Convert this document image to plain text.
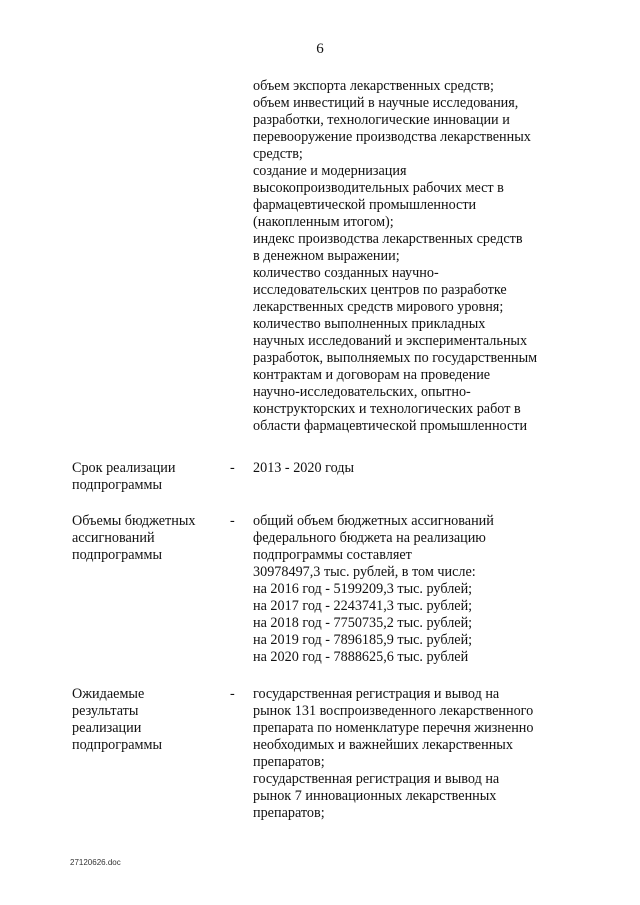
6
объем экспорта лекарственных средств;
объем инвестиций в научные исследования,
разработки, технологические инновации и
перевооружение производства лекарственных
средств;
создание и модернизация
высокопроизводительных рабочих мест в
фармацевтической промышленности
(накопленным итогом);
индекс производства лекарственных средств
в денежном выражении;
количество созданных научно-
исследовательских центров по разработке
лекарственных средств мирового уровня;
количество выполненных прикладных
научных исследований и экспериментальных
разработок, выполняемых по государственным
контрактам и договорам на проведение
научно-исследовательских, опытно-
конструкторских и технологических работ в
области фармацевтической промышленности
Срок реализации
подпрограммы
- 2013 - 2020 годы
Объемы бюджетных
ассигнований
подпрограммы
- общий объем бюджетных ассигнований
федерального бюджета на реализацию
подпрограммы составляет
30978497,3 тыс. рублей, в том числе:
на 2016 год - 5199209,3 тыс. рублей;
на 2017 год - 2243741,3 тыс. рублей;
на 2018 год - 7750735,2 тыс. рублей;
на 2019 год - 7896185,9 тыс. рублей;
на 2020 год - 7888625,6 тыс. рублей
Ожидаемые
результаты
реализации
подпрограммы
- государственная регистрация и вывод на
рынок 131 воспроизведенного лекарственного
препарата по номенклатуре перечня жизненно
необходимых и важнейших лекарственных
препаратов;
государственная регистрация и вывод на
рынок 7 инновационных лекарственных
препаратов;
27120626.doc
